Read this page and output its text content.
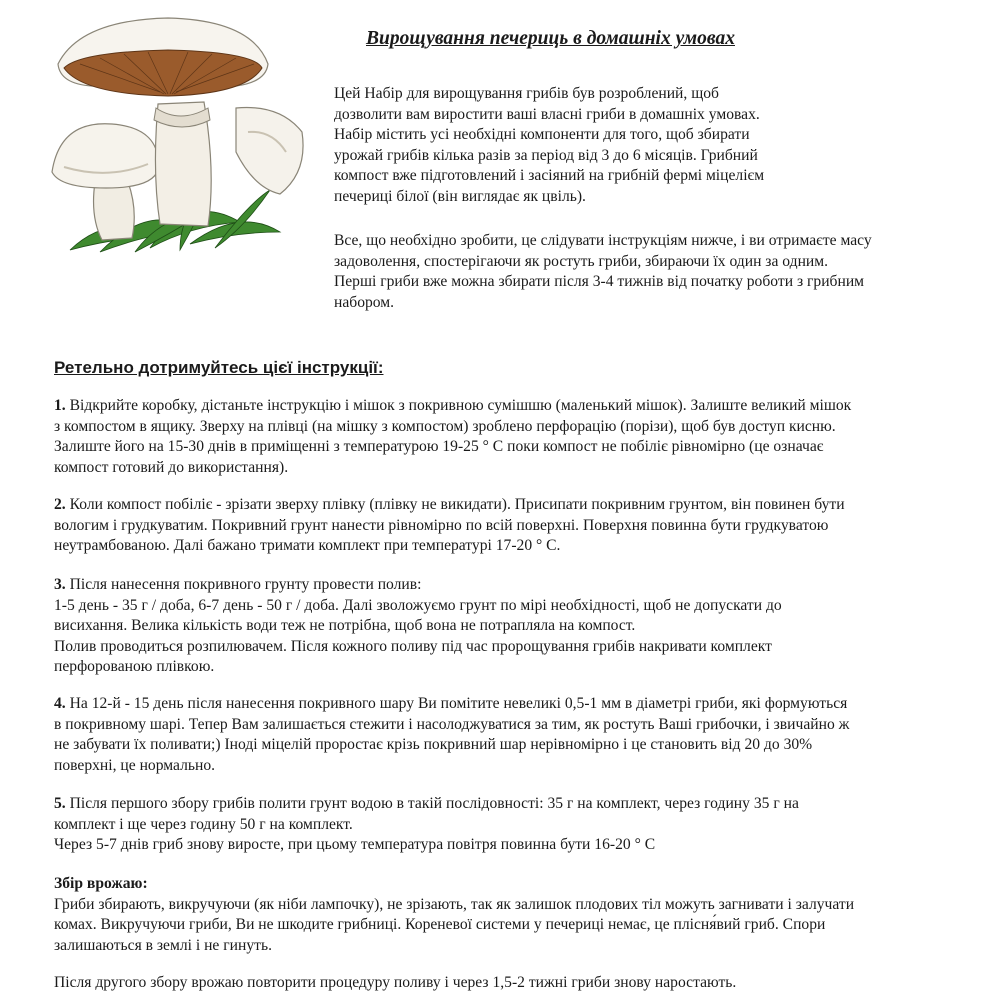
Вирощування печериць в домашніх умовах

Цей Набір для вирощування грибів був розроблений, щоб

дозволити вам виростити ваші власні гриби в домашніх умовах.

Набір містить усі необхідні компоненти для того, щоб збирати

урожай грибів кілька разів за період від 3 до 6 місяців. Грибний

компост вже підготовлений і засіяний на грибній фермі міцелієм

печериці білої (він виглядає як цвіль).

Все, що необхідно зробити, це слідувати інструкціям нижче, і ви отримаєте масу

задоволення, спостерігаючи як ростуть гриби, збираючи їх один за одним.

Перші гриби вже можна збирати після 3-4 тижнів від початку роботи з грибним

набором.

Ретельно дотримуйтесь цієї інструкції:

1. Відкрийте коробку, дістаньте інструкцію і мішок з покривною сумішшю (маленький мішок). Залиште великий мішок

з компостом в ящику. Зверху на плівці (на мішку з компостом) зроблено перфорацію (порізи), щоб був доступ кисню.

Залиште його на 15-30 днів в приміщенні з температурою 19-25 ° С поки компост не побіліє рівномірно (це означає

компост готовий до використання).

2. Коли компост побіліє - зрізати зверху плівку (плівку не викидати). Присипати покривним грунтом, він повинен бути

вологим і грудкуватим. Покривний грунт нанести рівномірно по всій поверхні. Поверхня повинна бути грудкуватою

неутрамбованою. Далі бажано тримати комплект при температурі 17-20 ° С.

3. Після нанесення покривного грунту провести полив:

1-5 день - 35 г / доба, 6-7 день - 50 г / доба. Далі зволожуємо грунт по мірі необхідності, щоб не допускати до

висихання. Велика кількість води теж не потрібна, щоб вона не потрапляла на компост.

Полив проводиться розпилювачем. Після кожного поливу під час пророщування грибів накривати комплект

перфорованою плівкою.

4. На 12-й - 15 день після нанесення покривного шару Ви помітите невеликі 0,5-1 мм в діаметрі гриби, які формуються

в покривному шарі. Тепер Вам залишається стежити і насолоджуватися за тим, як ростуть Ваші грибочки, і звичайно ж

не забувати їх поливати;) Іноді міцелій проростає крізь покривний шар нерівномірно і це становить від 20 до 30%

поверхні, це нормально.

5. Після першого збору грибів полити грунт водою в такій послідовності: 35 г на комплект, через годину 35 г на

комплект і ще через годину 50 г на комплект.

Через 5-7 днів гриб знову виросте, при цьому температура повітря повинна бути 16-20 ° С

Збір врожаю:

Гриби збирають, викручуючи (як ніби лампочку), не зрізають, так як залишок плодових тіл можуть загнивати і залучати

комах. Викручуючи гриби, Ви не шкодите грибниці. Кореневої системи у печериці немає, це плісня́вий гриб. Спори

залишаються в землі і не гинуть.

Після другого збору врожаю повторити процедуру поливу і через 1,5-2 тижні гриби знову наростають.
